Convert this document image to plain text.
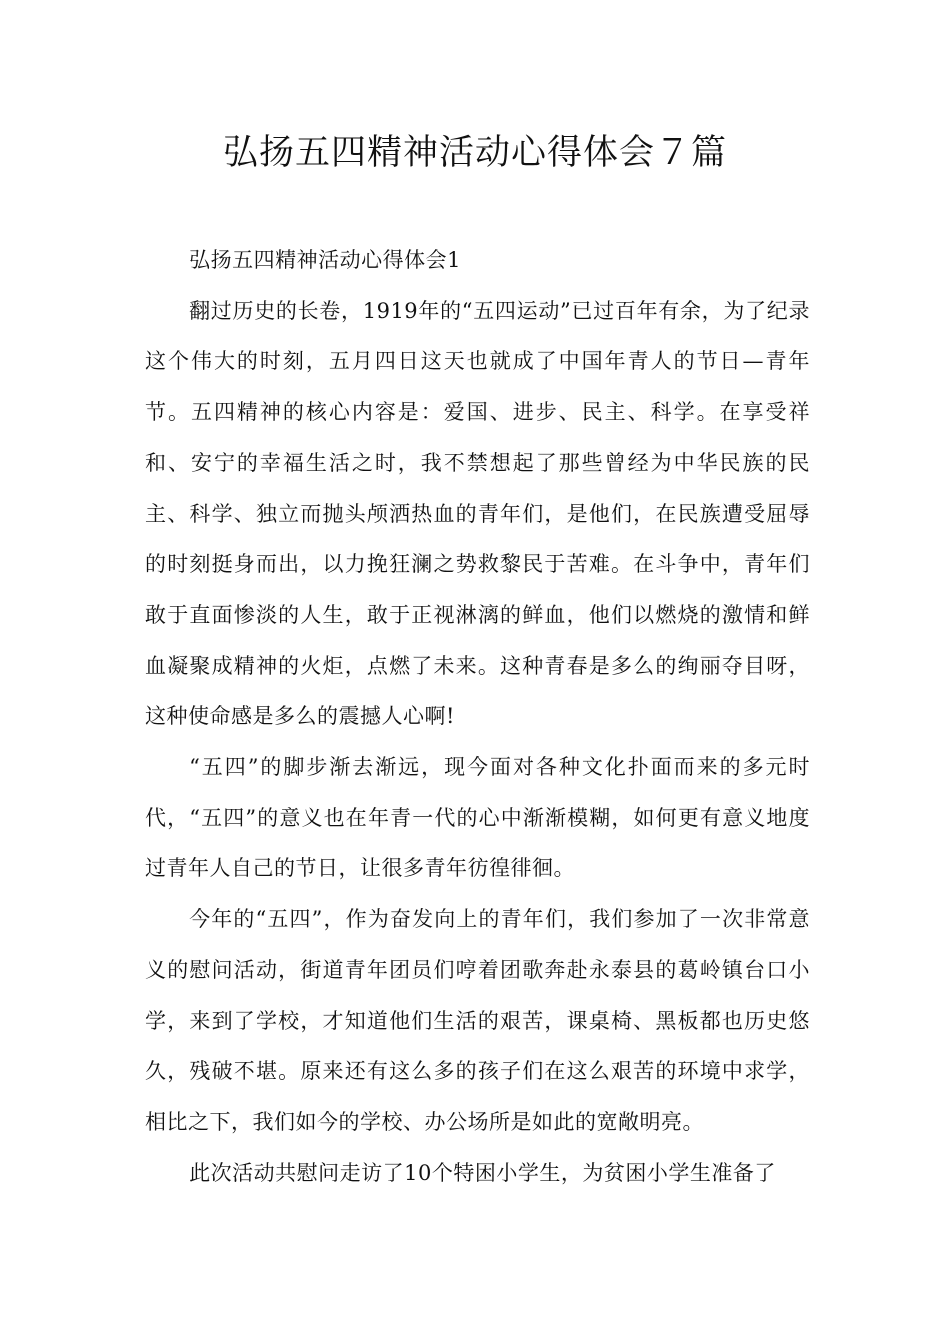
弘扬五四精神活动心得体会７篇

弘扬五四精神活动心得体会1

翻过历史的长卷，1919年的“五四运动”已过百年有余，为了纪录这个伟大的时刻，五月四日这天也就成了中国年青人的节日—青年节。五四精神的核心内容是：爱国、进步、民主、科学。在享受祥和、安宁的幸福生活之时，我不禁想起了那些曾经为中华民族的民主、科学、独立而抛头颅洒热血的青年们，是他们，在民族遭受屈辱的时刻挺身而出，以力挽狂澜之势救黎民于苦难。在斗争中，青年们敢于直面惨淡的人生，敢于正视淋漓的鲜血，他们以燃烧的激情和鲜血凝聚成精神的火炬，点燃了未来。这种青春是多么的绚丽夺目呀，这种使命感是多么的震撼人心啊!

“五四”的脚步渐去渐远，现今面对各种文化扑面而来的多元时代，“五四”的意义也在年青一代的心中渐渐模糊，如何更有意义地度过青年人自己的节日，让很多青年彷徨徘徊。

今年的“五四”，作为奋发向上的青年们，我们参加了一次非常意义的慰问活动，街道青年团员们哼着团歌奔赴永泰县的葛岭镇台口小学，来到了学校，才知道他们生活的艰苦，课桌椅、黑板都也历史悠久，残破不堪。原来还有这么多的孩子们在这么艰苦的环境中求学，相比之下，我们如今的学校、办公场所是如此的宽敞明亮。

此次活动共慰问走访了10个特困小学生，为贫困小学生准备了
